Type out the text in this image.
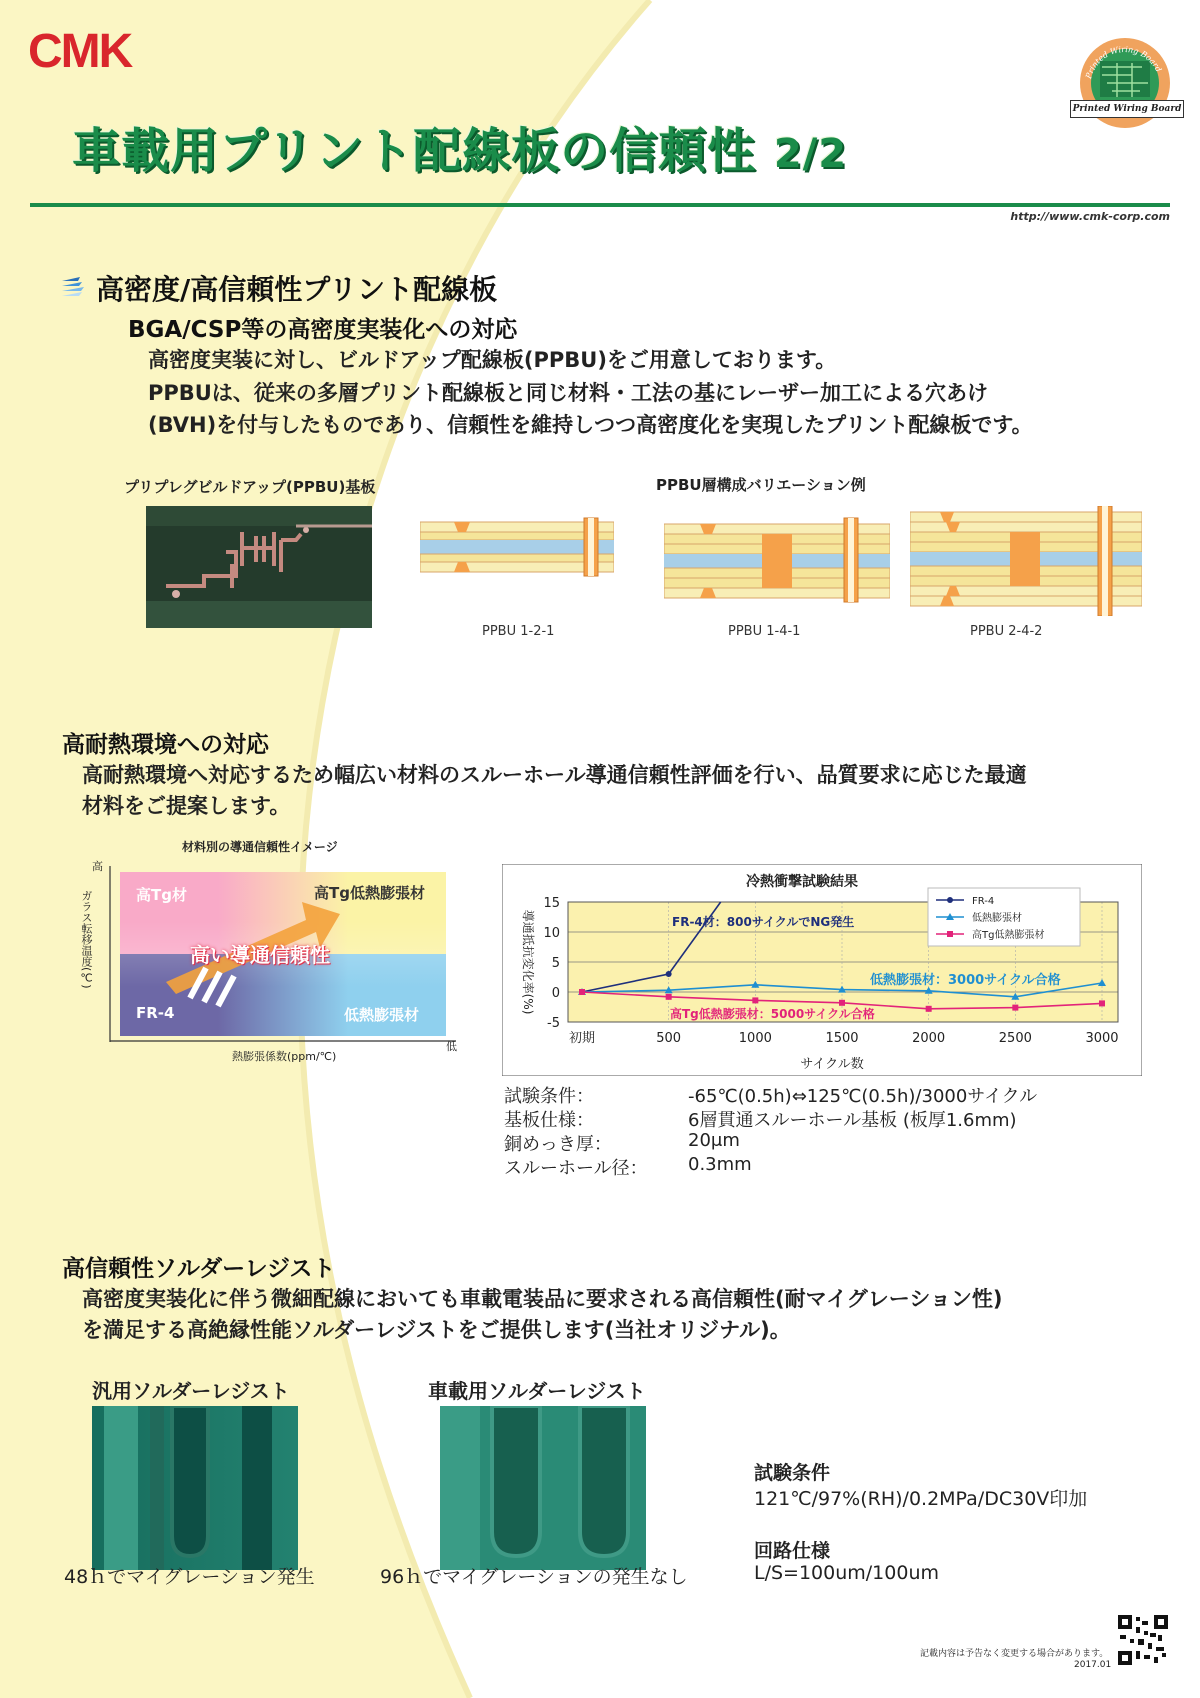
CMK
車載用プリント配線板の信頼性 2/2
Printed Wiring Board
Printed Wiring Board
http://www.cmk-corp.com
高密度/高信頼性プリント配線板
BGA/CSP等の高密度実装化への対応
高密度実装に対し、ビルドアップ配線板(PPBU)をご用意しております。
PPBUは、従来の多層プリント配線板と同じ材料・工法の基にレーザー加工による穴あけ
(BVH)を付与したものであり、信頼性を維持しつつ高密度化を実現したプリント配線板です。
プリプレグビルドアップ(PPBU)基板	PPBU層構成バリエーション例
PPBU 1-2-1	PPBU 1-4-1	PPBU 2-4-2
高耐熱環境への対応
高耐熱環境へ対応するため幅広い材料のスルーホール導通信頼性評価を行い、品質要求に応じた最適
材料をご提案します。
材料別の導通信頼性イメージ
高
ガラス転移温度(℃)	高Tg材	高Tg低熱膨張材
FR-4	低熱膨張材
高い導通信頼性
熱膨張係数(ppm/℃)
低
冷熱衝撃試験結果
15
10
5
0
-5
初期	500	1000	1500	2000	2500	3000
サイクル数
導通抵抗変化率(%)	FR-4材：800サイクルでNG発生
低熱膨張材：3000サイクル合格
高Tg低熱膨張材：5000サイクル合格
FR-4
低熱膨張材
高Tg低熱膨張材
試験条件：	-65℃(0.5h)⇔125℃(0.5h)/3000サイクル
基板仕様：	6層貫通スルーホール基板 (板厚1.6mm)
銅めっき厚：	20μm
スルーホール径： 0.3mm
高信頼性ソルダーレジスト
高密度実装化に伴う微細配線においても車載電装品に要求される高信頼性(耐マイグレーション性)
を満足する高絶縁性能ソルダーレジストをご提供します(当社オリジナル)。
汎用ソルダーレジスト	車載用ソルダーレジスト
48ｈでマイグレーション発生	96ｈでマイグレーションの発生なし
試験条件
121℃/97%(RH)/0.2MPa/DC30V印加
回路仕様
L/S=100um/100um
記載内容は予告なく変更する場合があります。
2017.01
